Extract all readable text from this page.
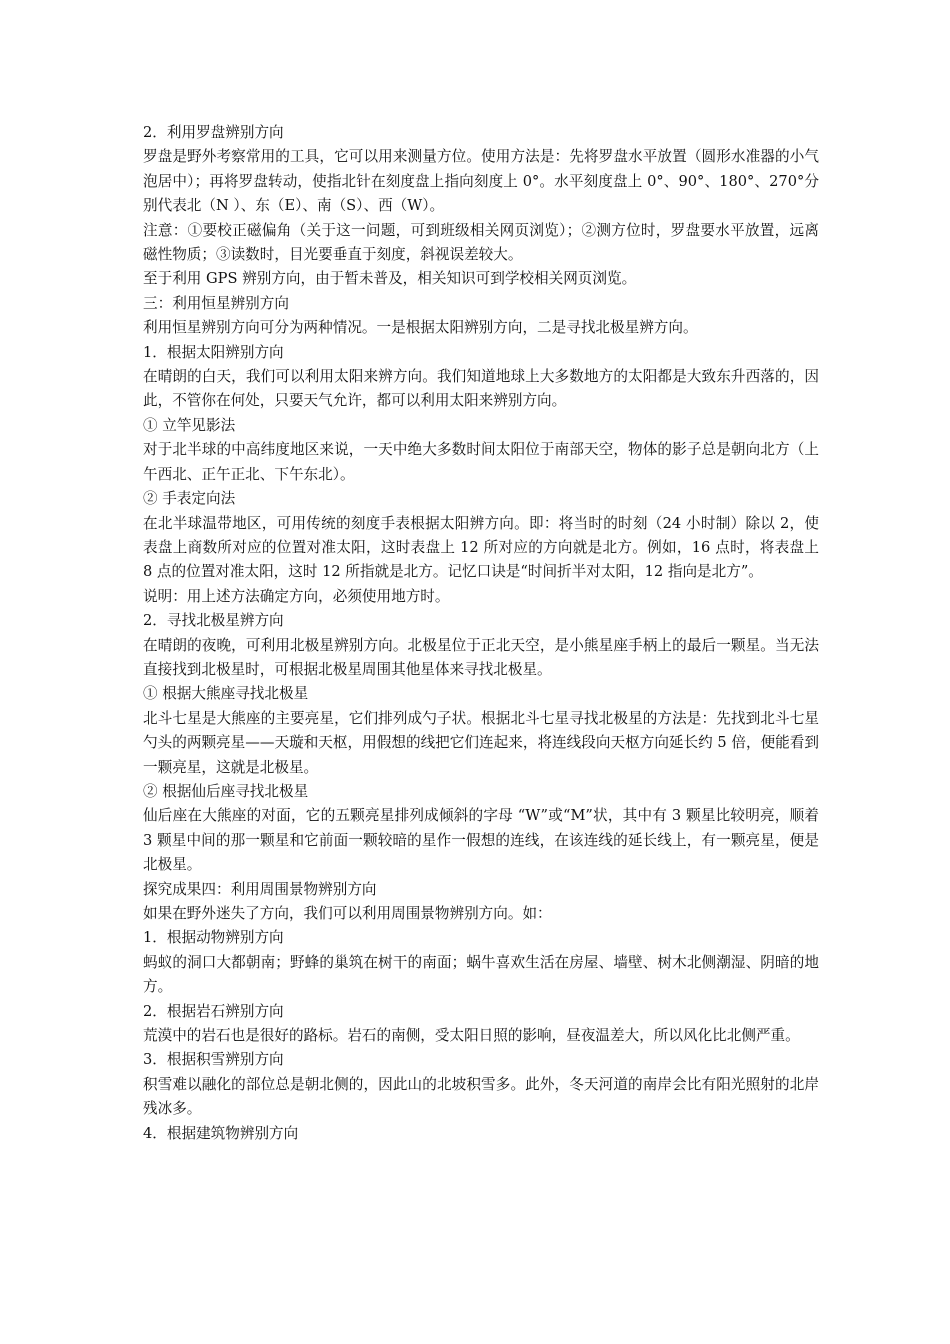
2．利用罗盘辨别方向

罗盘是野外考察常用的工具，它可以用来测量方位。使用方法是：先将罗盘水平放置（圆形水准器的小气泡居中）；再将罗盘转动，使指北针在刻度盘上指向刻度上 0°。水平刻度盘上 0°、90°、180°、270°分别代表北（N ）、东（E）、南（S）、西（W）。

注意：①要校正磁偏角（关于这一问题，可到班级相关网页浏览）；②测方位时，罗盘要水平放置，远离磁性物质；③读数时，目光要垂直于刻度，斜视误差较大。

至于利用 GPS 辨别方向，由于暂未普及，相关知识可到学校相关网页浏览。

三：利用恒星辨别方向

利用恒星辨别方向可分为两种情况。一是根据太阳辨别方向，二是寻找北极星辨方向。

1．根据太阳辨别方向

在晴朗的白天，我们可以利用太阳来辨方向。我们知道地球上大多数地方的太阳都是大致东升西落的，因此，不管你在何处，只要天气允许，都可以利用太阳来辨别方向。

① 立竿见影法

对于北半球的中高纬度地区来说，一天中绝大多数时间太阳位于南部天空，物体的影子总是朝向北方（上午西北、正午正北、下午东北）。

② 手表定向法

在北半球温带地区，可用传统的刻度手表根据太阳辨方向。即：将当时的时刻（24 小时制）除以 2，使表盘上商数所对应的位置对准太阳，这时表盘上 12 所对应的方向就是北方。例如，16 点时，将表盘上 8 点的位置对准太阳，这时 12 所指就是北方。记忆口诀是“时间折半对太阳，12 指向是北方”。

说明：用上述方法确定方向，必须使用地方时。

2．寻找北极星辨方向

在晴朗的夜晚，可利用北极星辨别方向。北极星位于正北天空，是小熊星座手柄上的最后一颗星。当无法直接找到北极星时，可根据北极星周围其他星体来寻找北极星。

① 根据大熊座寻找北极星

北斗七星是大熊座的主要亮星，它们排列成勺子状。根据北斗七星寻找北极星的方法是：先找到北斗七星勺头的两颗亮星——天璇和天枢，用假想的线把它们连起来，将连线段向天枢方向延长约 5 倍，便能看到一颗亮星，这就是北极星。

② 根据仙后座寻找北极星

仙后座在大熊座的对面，它的五颗亮星排列成倾斜的字母 “W”或“M”状，其中有 3 颗星比较明亮，顺着 3 颗星中间的那一颗星和它前面一颗较暗的星作一假想的连线，在该连线的延长线上，有一颗亮星，便是北极星。

探究成果四：利用周围景物辨别方向

如果在野外迷失了方向，我们可以利用周围景物辨别方向。如：

1．根据动物辨别方向

蚂蚁的洞口大都朝南；野蜂的巢筑在树干的南面；蜗牛喜欢生活在房屋、墙壁、树木北侧潮湿、阴暗的地方。

2．根据岩石辨别方向

荒漠中的岩石也是很好的路标。岩石的南侧，受太阳日照的影响，昼夜温差大，所以风化比北侧严重。

3．根据积雪辨别方向

积雪难以融化的部位总是朝北侧的，因此山的北坡积雪多。此外，冬天河道的南岸会比有阳光照射的北岸残冰多。

4．根据建筑物辨别方向
